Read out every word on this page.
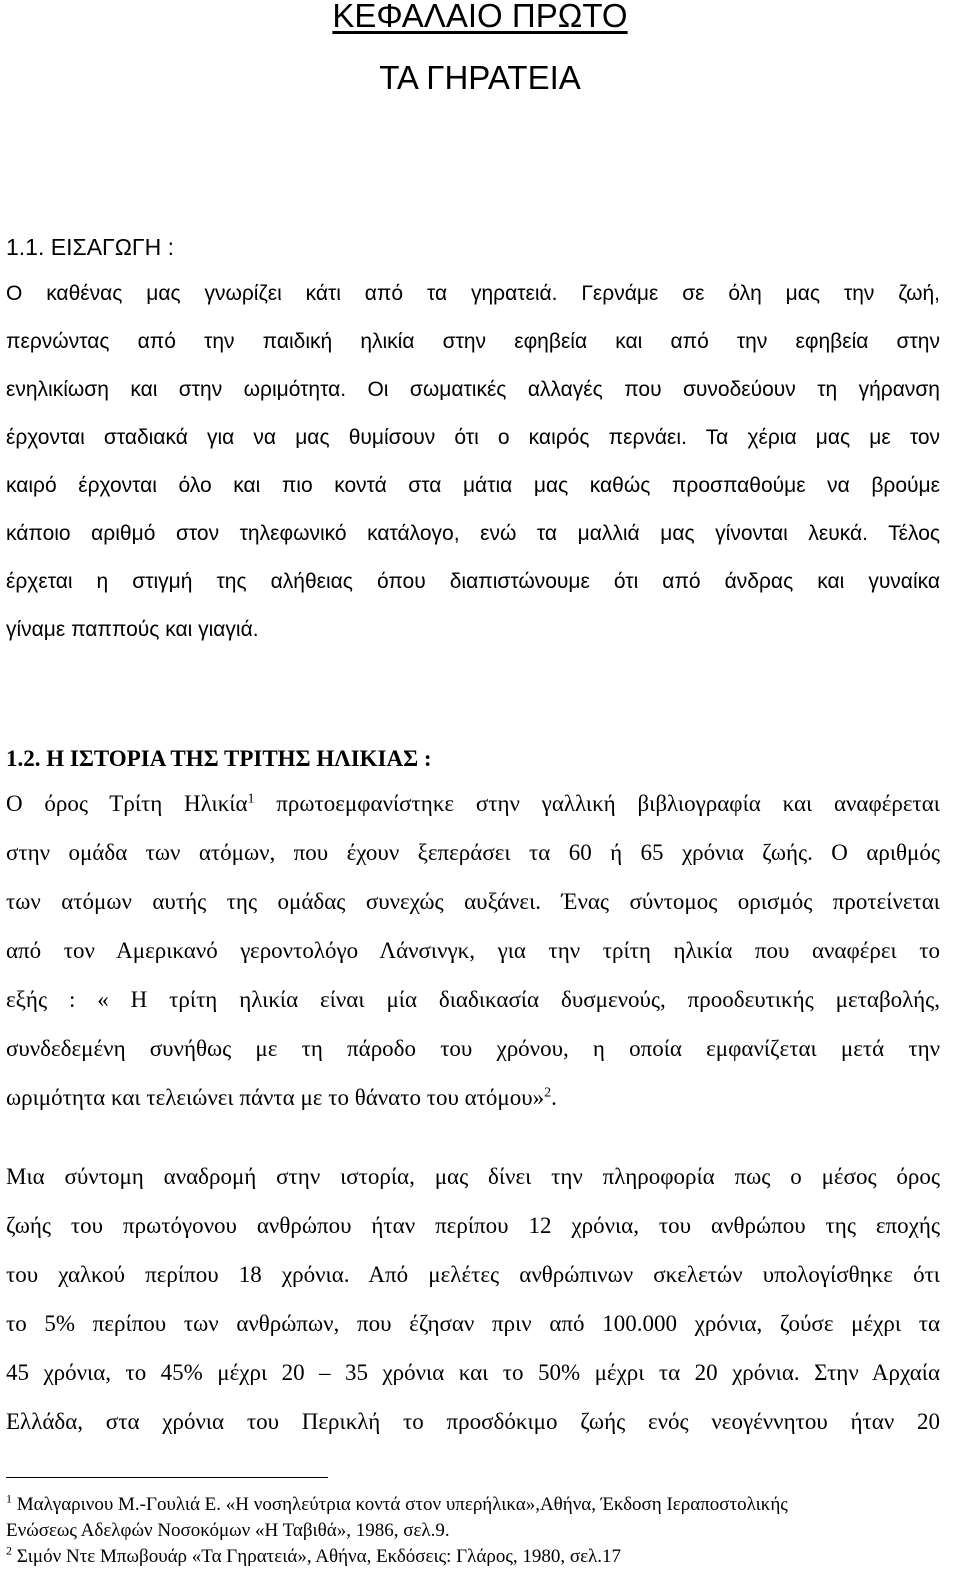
ΚΕΦΑΛΑΙΟ ΠΡΩΤΟ
ΤΑ ΓΗΡΑΤΕΙΑ
1.1. ΕΙΣΑΓΩΓΗ :

Ο καθένας μας γνωρίζει κάτι από τα γηρατειά. Γερνάμε σε όλη μας την ζωή,

περνώντας από την παιδική ηλικία στην εφηβεία και από την εφηβεία στην

ενηλικίωση και στην ωριμότητα. Οι σωματικές αλλαγές που συνοδεύουν τη γήρανση

έρχονται σταδιακά για να μας θυμίσουν ότι ο καιρός περνάει. Τα χέρια μας με τον

καιρό έρχονται όλο και πιο κοντά στα μάτια μας καθώς προσπαθούμε να βρούμε

κάποιο αριθμό στον τηλεφωνικό κατάλογο, ενώ τα μαλλιά μας γίνονται λευκά. Τέλος

έρχεται η στιγμή της αλήθειας όπου διαπιστώνουμε ότι από άνδρας και γυναίκα

γίναμε παππούς και γιαγιά.

1.2. Η ΙΣΤΟΡΙΑ ΤΗΣ ΤΡΙΤΗΣ ΗΛΙΚΙΑΣ :

Ο όρος Τρίτη Ηλικία$^1$ πρωτοεμφανίστηκε στην γαλλική βιβλιογραφία και αναφέρεται

στην ομάδα των ατόμων, που έχουν ξεπεράσει τα 60 ή 65 χρόνια ζωής. Ο αριθμός

των ατόμων αυτής της ομάδας συνεχώς αυξάνει. Ένας σύντομος ορισμός προτείνεται

από τον Αμερικανό γεροντολόγο Λάνσινγκ, για την τρίτη ηλικία που αναφέρει το

εξής : « Η τρίτη ηλικία είναι μία διαδικασία δυσμενούς, προοδευτικής μεταβολής,

συνδεδεμένη συνήθως με τη πάροδο του χρόνου, η οποία εμφανίζεται μετά την

ωριμότητα και τελειώνει πάντα με το θάνατο του ατόμου»$^2$.

Μια σύντομη αναδρομή στην ιστορία, μας δίνει την πληροφορία πως ο μέσος όρος

ζωής του πρωτόγονου ανθρώπου ήταν περίπου 12 χρόνια, του ανθρώπου της εποχής

του χαλκού περίπου 18 χρόνια. Από μελέτες ανθρώπινων σκελετών υπολογίσθηκε ότι

το 5% περίπου των ανθρώπων, που έζησαν πριν από 100.000 χρόνια, ζούσε μέχρι τα

45 χρόνια, το 45% μέχρι 20 – 35 χρόνια και το 50% μέχρι τα 20 χρόνια. Στην Αρχαία

Ελλάδα, στα χρόνια του Περικλή το προσδόκιμο ζωής ενός νεογέννητου ήταν 20

$^1$ Μαλγαρινου Μ.-Γουλιά Ε. «Η νοσηλεύτρια κοντά στον υπερήλικα»,Αθήνα, Έκδοση Ιεραποστολικής

Ενώσεως Αδελφών Νοσοκόμων «Η Ταβιθά», 1986, σελ.9.

$^2$ Σιμόν Ντε Μπωβουάρ «Τα Γηρατειά», Αθήνα, Εκδόσεις: Γλάρος, 1980, σελ.17
